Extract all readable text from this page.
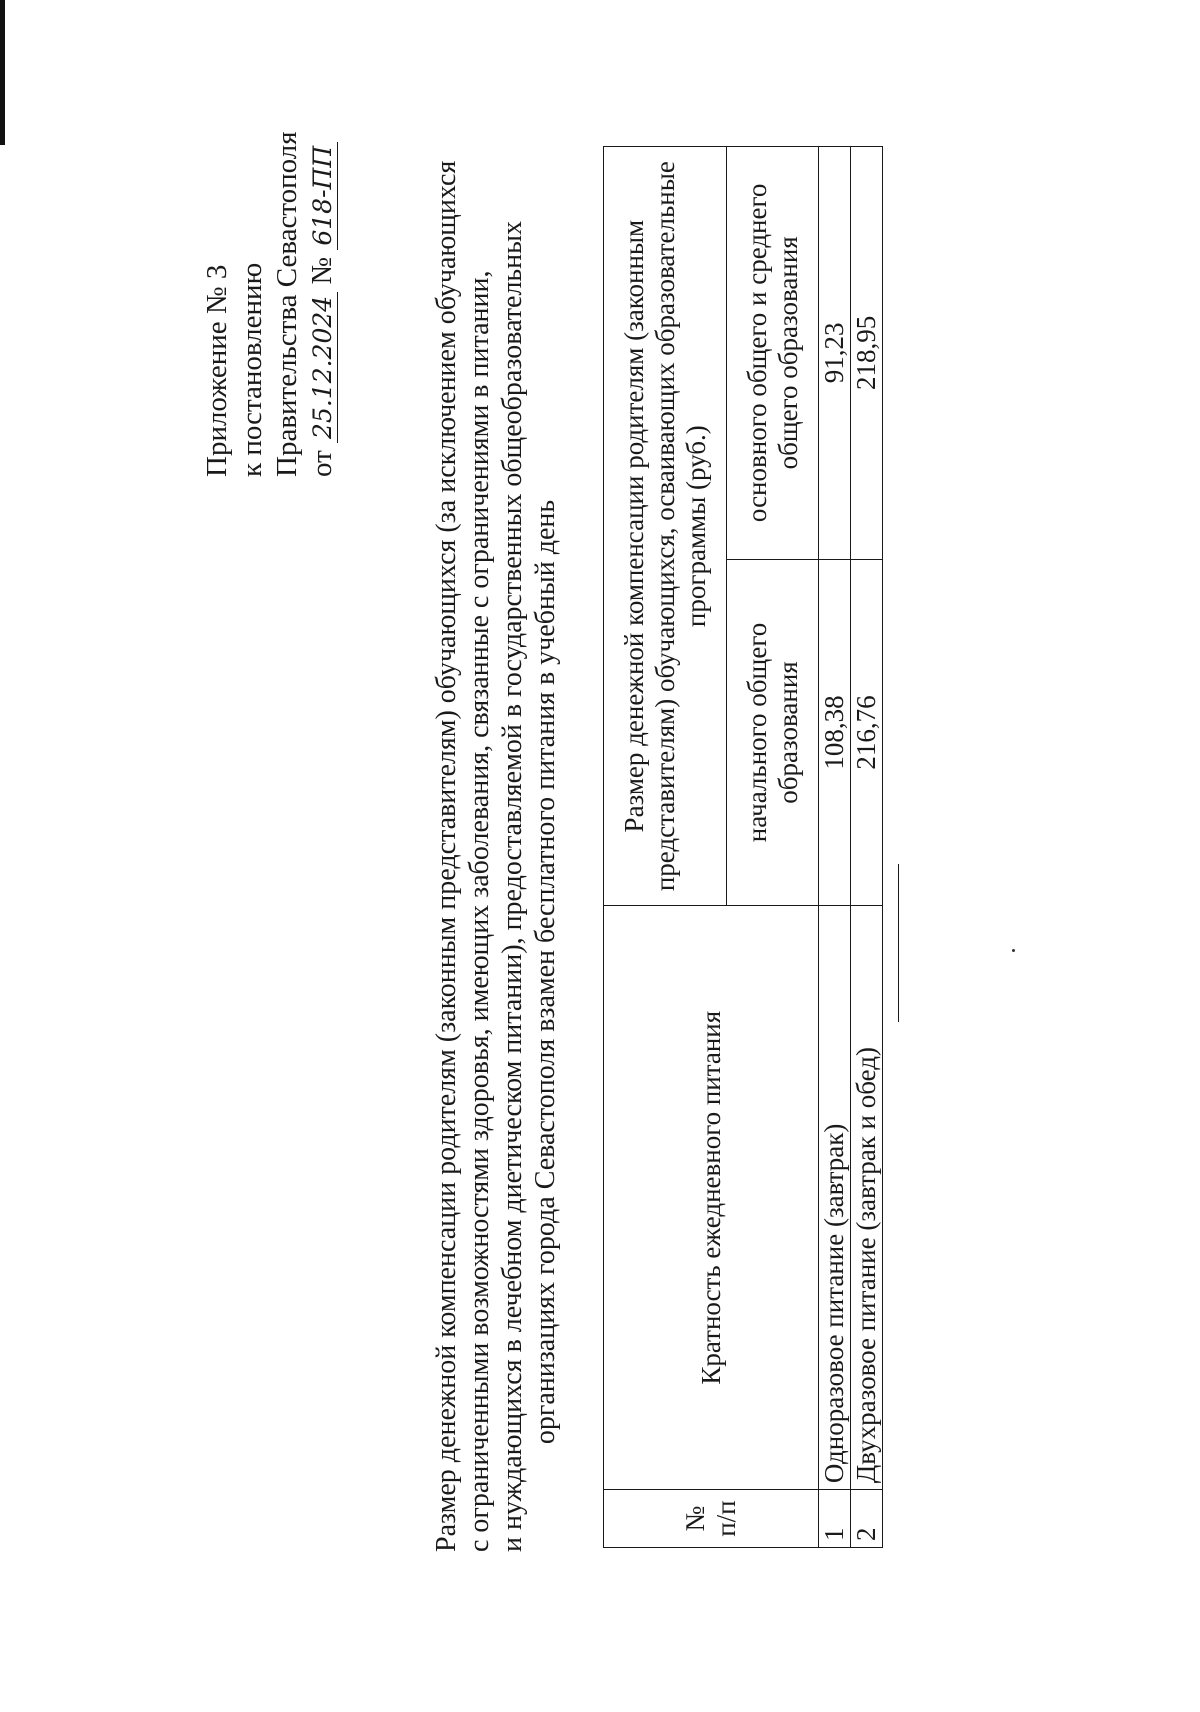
Приложение № 3 к постановлению Правительства Севастополя от 25.12.2024 № 618-ПП	Размер денежной компенсации родителям (законным представителям) обучающихся (за исключением обучающихся с ограниченными возможностями здоровья, имеющих заболевания, связанные с ограничениями в питании, и нуждающихся в лечебном диетическом питании), предоставляемой в государственных общеобразовательных организациях города Севастополя взамен бесплатного питания в учебный день
№ п/п	Кратность ежедневного питания	Размер денежной компенсации родителям (законным представителям) обучающихся, осваивающих образовательные программы (руб.)	
		начального общего образования	основного общего и среднего общего образования
1	Одноразовое питание (завтрак)	108,38	91,23
2	Двухразовое питание (завтрак и обед)	216,76	218,95
